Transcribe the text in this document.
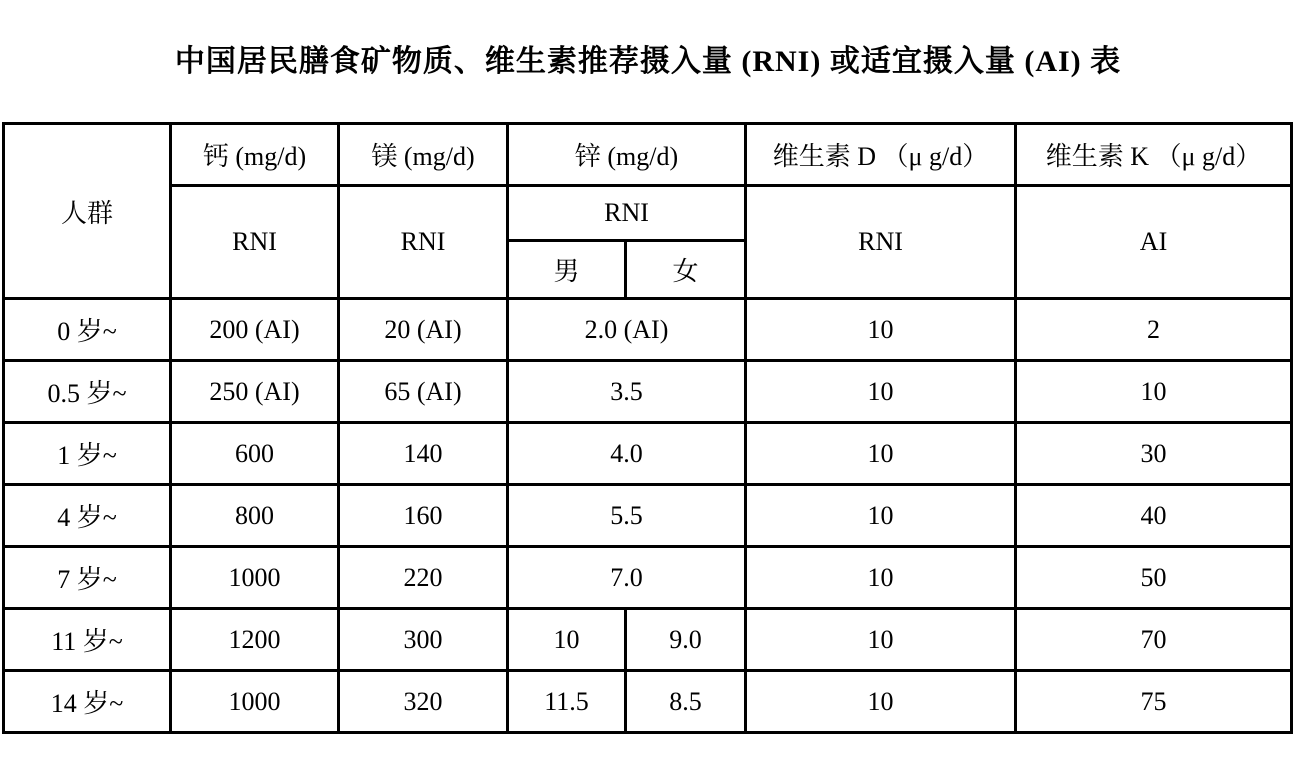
中国居民膳食矿物质、维生素推荐摄入量 (RNI) 或适宜摄入量 (AI) 表
人群	钙 (mg/d)	镁 (mg/d)	锌 (mg/d)		维生素 D （μ g/d）	维生素 K （μ g/d）
	RNI	RNI	RNI		RNI	AI
			男	女		
0 岁~	200 (AI)	20 (AI)	2.0 (AI)		10	2
0.5 岁~	250 (AI)	65 (AI)	3.5		10	10
1 岁~	600	140	4.0		10	30
4 岁~	800	160	5.5		10	40
7 岁~	1000	220	7.0		10	50
11 岁~	1200	300	10	9.0	10	70
14 岁~	1000	320	11.5	8.5	10	75
